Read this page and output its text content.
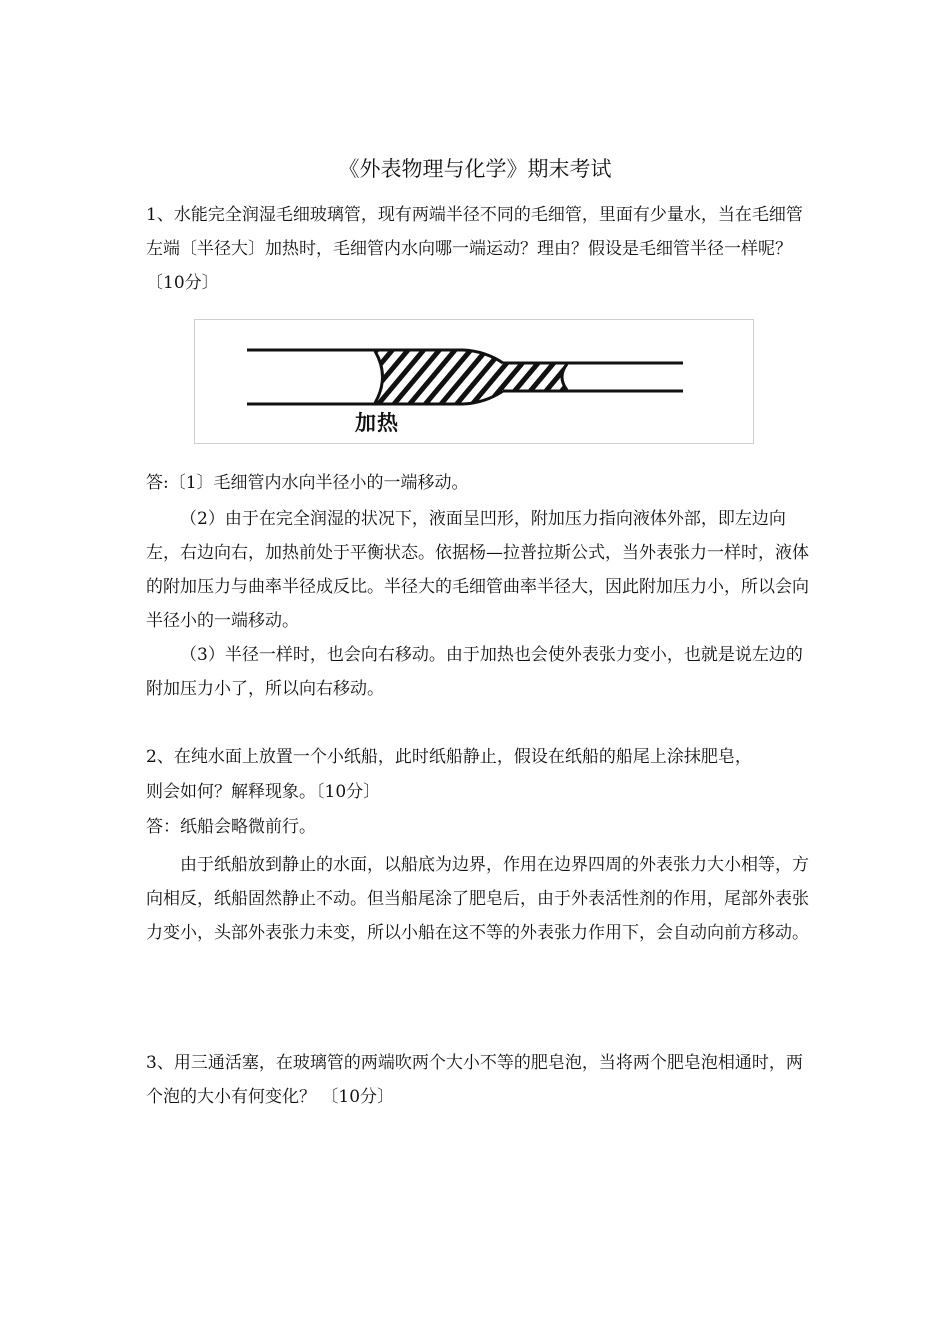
《外表物理与化学》期末考试

1、水能完全润湿毛细玻璃管，现有两端半径不同的毛细管，里面有少量水，当在毛细管左端〔半径大〕加热时，毛细管内水向哪一端运动？理由？假设是毛细管半径一样呢？〔10分〕

加热

答:〔1〕毛细管内水向半径小的一端移动。

（2）由于在完全润湿的状况下，液面呈凹形，附加压力指向液体外部，即左边向左，右边向右，加热前处于平衡状态。依据杨—拉普拉斯公式，当外表张力一样时，液体的附加压力与曲率半径成反比。半径大的毛细管曲率半径大，因此附加压力小，所以会向半径小的一端移动。

（3）半径一样时，也会向右移动。由于加热也会使外表张力变小，也就是说左边的附加压力小了，所以向右移动。

2、在纯水面上放置一个小纸船，此时纸船静止，假设在纸船的船尾上涂抹肥皂，

则会如何？解释现象。〔10分〕

答：纸船会略微前行。

由于纸船放到静止的水面，以船底为边界，作用在边界四周的外表张力大小相等，方向相反，纸船固然静止不动。但当船尾涂了肥皂后，由于外表活性剂的作用，尾部外表张力变小，头部外表张力未变，所以小船在这不等的外表张力作用下，会自动向前方移动。

3、用三通活塞，在玻璃管的两端吹两个大小不等的肥皂泡，当将两个肥皂泡相通时，两个泡的大小有何变化？ 〔10分〕
